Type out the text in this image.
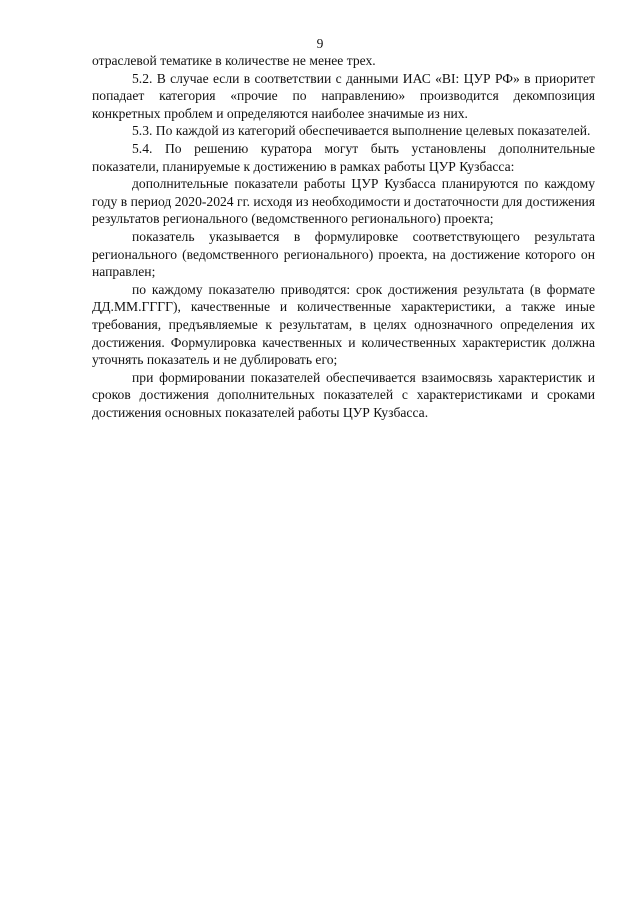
9

отраслевой тематике в количестве не менее трех.

5.2. В случае если в соответствии с данными ИАС «BI: ЦУР РФ» в приоритет попадает категория «прочие по направлению» производится декомпозиция конкретных проблем и определяются наиболее значимые из них.

5.3. По каждой из категорий обеспечивается выполнение целевых показателей.

5.4. По решению куратора могут быть установлены дополнительные показатели, планируемые к достижению в рамках работы ЦУР Кузбасса:

дополнительные показатели работы ЦУР Кузбасса планируются по каждому году в период 2020-2024 гг. исходя из необходимости и достаточности для достижения результатов регионального (ведомственного регионального) проекта;

показатель указывается в формулировке соответствующего результата регионального (ведомственного регионального) проекта, на достижение которого он направлен;

по каждому показателю приводятся: срок достижения результата (в формате ДД.ММ.ГГГГ), качественные и количественные характеристики, а также иные требования, предъявляемые к результатам, в целях однозначного определения их достижения. Формулировка качественных и количественных характеристик должна уточнять показатель и не дублировать его;

при формировании показателей обеспечивается взаимосвязь характеристик и сроков достижения дополнительных показателей с характеристиками и сроками достижения основных показателей работы ЦУР Кузбасса.
